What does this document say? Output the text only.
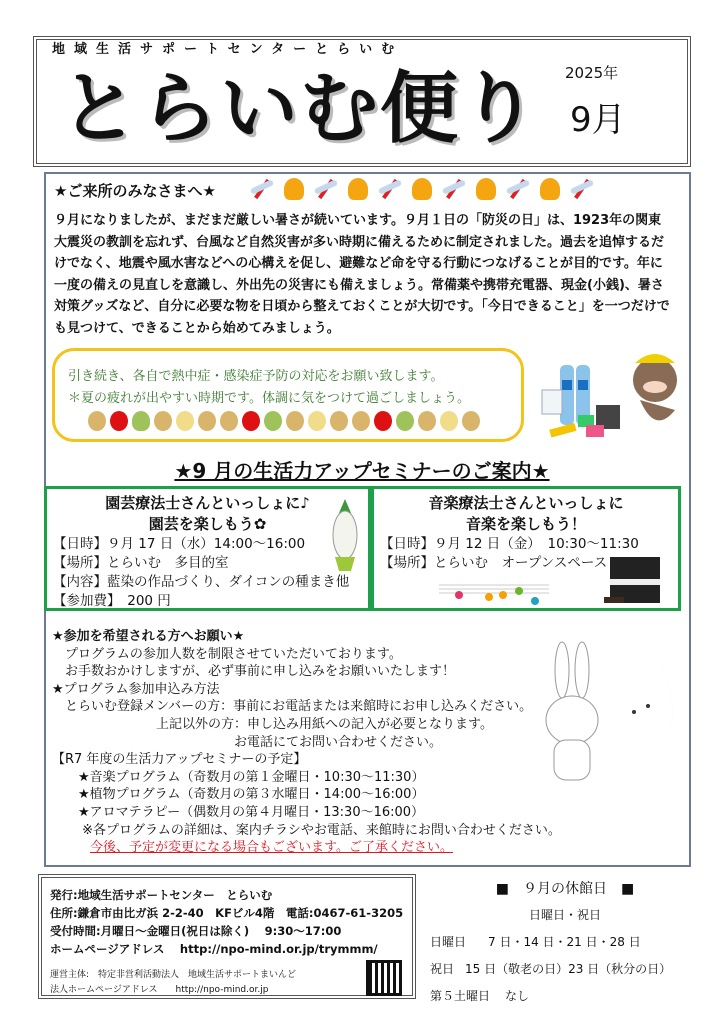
地域生活サポートセンターとらいむ
とらいむ便り 2025年
9月
★ご来所のみなさまへ★
９月になりましたが、まだまだ厳しい暑さが続いています。９月１日の「防災の日」は、1923年の関東大震災の教訓を忘れず、台風など自然災害が多い時期に備えるために制定されました。過去を追悼するだけでなく、地震や風水害などへの心構えを促し、避難など命を守る行動につなげることが目的です。年に一度の備えの見直しを意識し、外出先の災害にも備えましょう。常備薬や携帯充電器、現金(小銭)、暑さ対策グッズなど、自分に必要な物を日頃から整えておくことが大切です。「今日できること」を一つだけでも見つけて、できることから始めてみましょう。
引き続き、各自で熱中症・感染症予防の対応をお願い致します。
＊夏の疲れが出やすい時期です。体調に気をつけて過ごしましょう。
★9 月の生活力アップセミナーのご案内★
園芸療法士さんといっしょに♪
園芸を楽しもう✿
【日時】９月 17 日（水）14:00～16:00
【場所】とらいむ　多目的室
【内容】藍染の作品づくり、ダイコンの種まき他
【参加費】　200 円
音楽療法士さんといっしょに
音楽を楽しもう！
【日時】９月 12 日（金）　10:30～11:30
【場所】とらいむ　オープンスペース
★参加を希望される方へお願い★
　プログラムの参加人数を制限させていただいております。
　お手数おかけしますが、必ず事前に申し込みをお願いいたします！
★プログラム参加申込み方法
　とらいむ登録メンバーの方：事前にお電話または来館時にお申し込みください。
　　　　　　　　上記以外の方：申し込み用紙への記入が必要となります。
　　　　　　　　　　　　　　お電話にてお問い合わせください。
【R7 年度の生活力アップセミナーの予定】
　　★音楽プログラム（奇数月の第１金曜日・10:30～11:30）
　　★植物プログラム（奇数月の第３水曜日・14:00～16:00）
　　★アロマテラピー（偶数月の第４月曜日・13:30～16:00）
　　 ※各プログラムの詳細は、案内チラシやお電話、来館時にお問い合わせください。
今後、予定が変更になる場合もございます。ご了承ください。
発行:地域生活サポートセンター　とらいむ
住所:鎌倉市由比ガ浜 2-2-40　KFビル4階　電話:0467-61-3205
受付時間:月曜日～金曜日(祝日は除く)　 9:30～17:00
ホームページアドレス　 http://npo-mind.or.jp/trymmm/
運営主体:　特定非営利活動法人　地域生活サポートまいんど
法人ホームページアドレス　　http://npo-mind.or.jp
■　９月の休館日　■
日曜日・祝日
日曜日	7 日・14 日・21 日・28 日
祝日 15 日（敬老の日）23 日（秋分の日）
第５土曜日	なし
